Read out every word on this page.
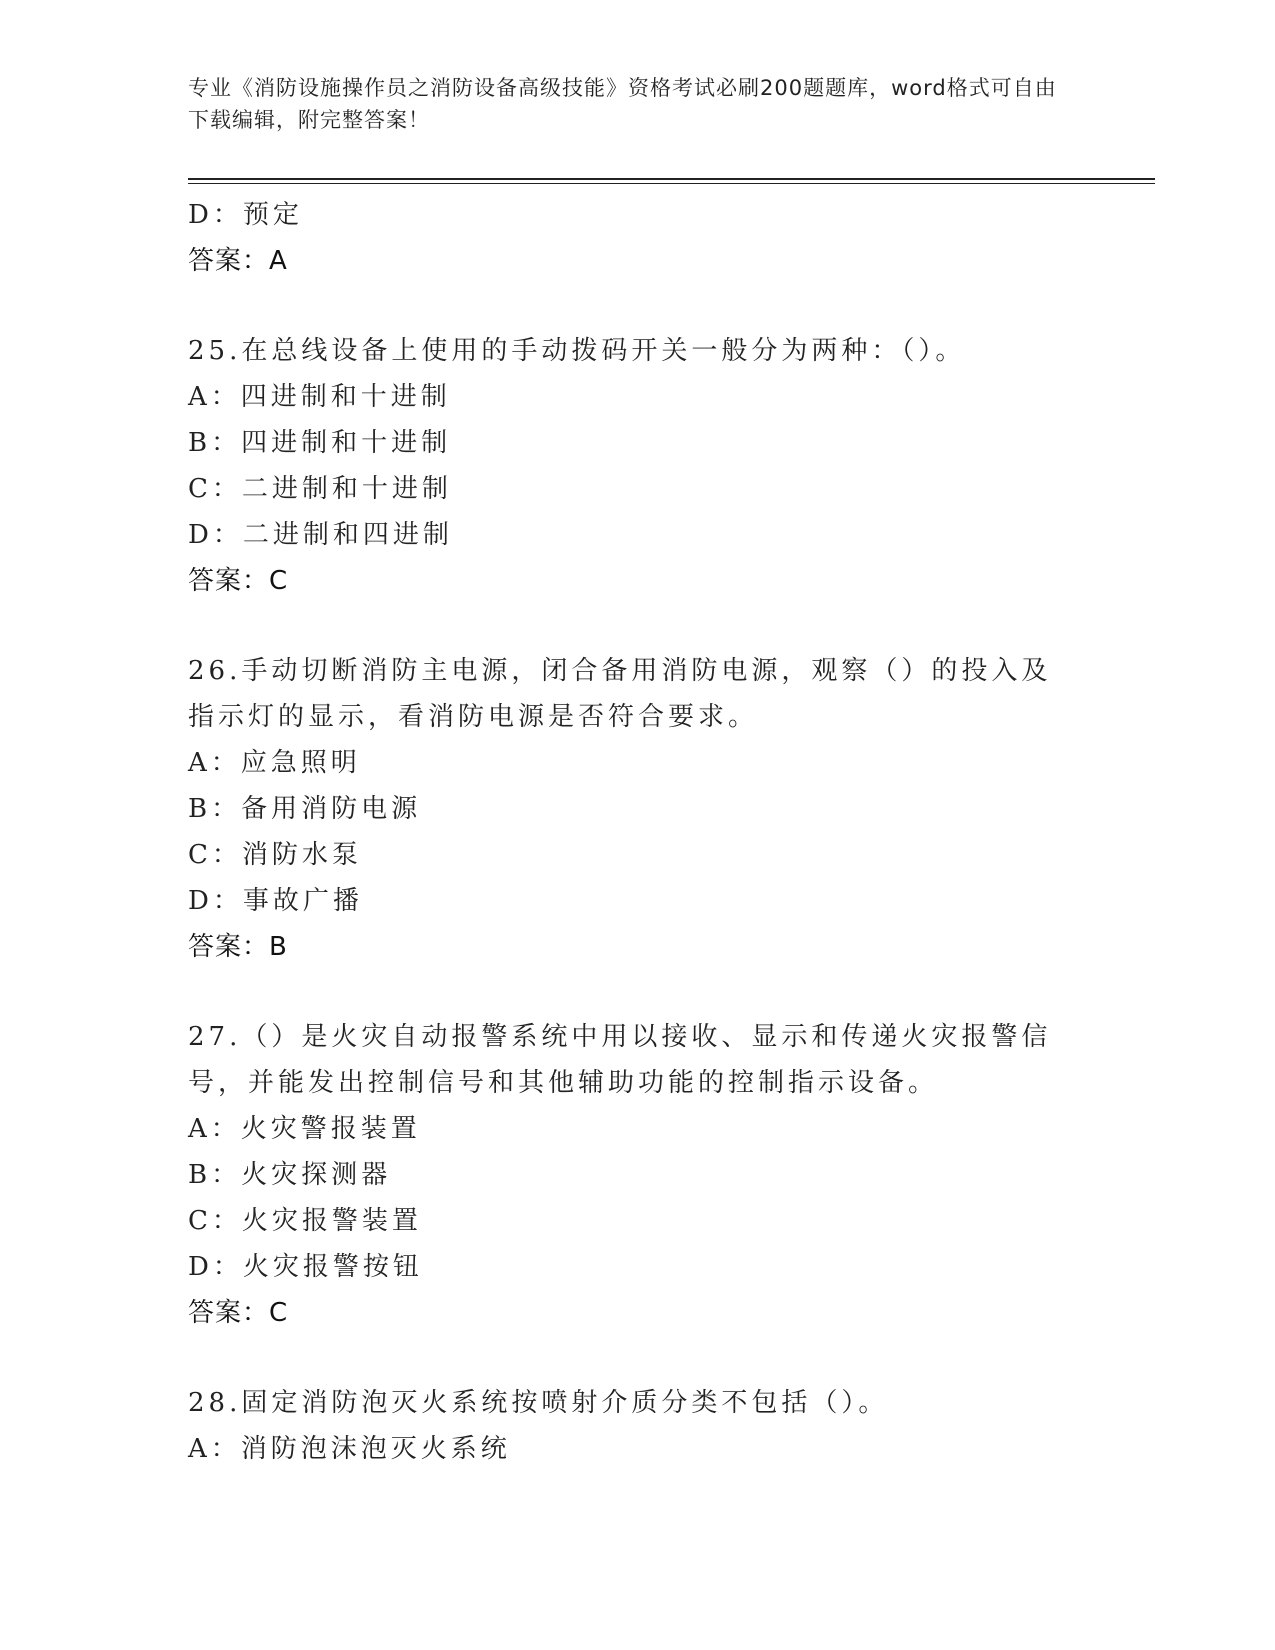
专业《消防设施操作员之消防设备高级技能》资格考试必刷200题题库，word格式可自由下载编辑，附完整答案！
D：预定
答案：A
25.在总线设备上使用的手动拨码开关一般分为两种：（）。
A：四进制和十进制
B：四进制和十进制
C：二进制和十进制
D：二进制和四进制
答案：C
26.手动切断消防主电源，闭合备用消防电源，观察（）的投入及指示灯的显示，看消防电源是否符合要求。
A：应急照明
B：备用消防电源
C：消防水泵
D：事故广播
答案：B
27.（）是火灾自动报警系统中用以接收、显示和传递火灾报警信号，并能发出控制信号和其他辅助功能的控制指示设备。
A：火灾警报装置
B：火灾探测器
C：火灾报警装置
D：火灾报警按钮
答案：C
28.固定消防泡灭火系统按喷射介质分类不包括（）。
A：消防泡沫泡灭火系统
